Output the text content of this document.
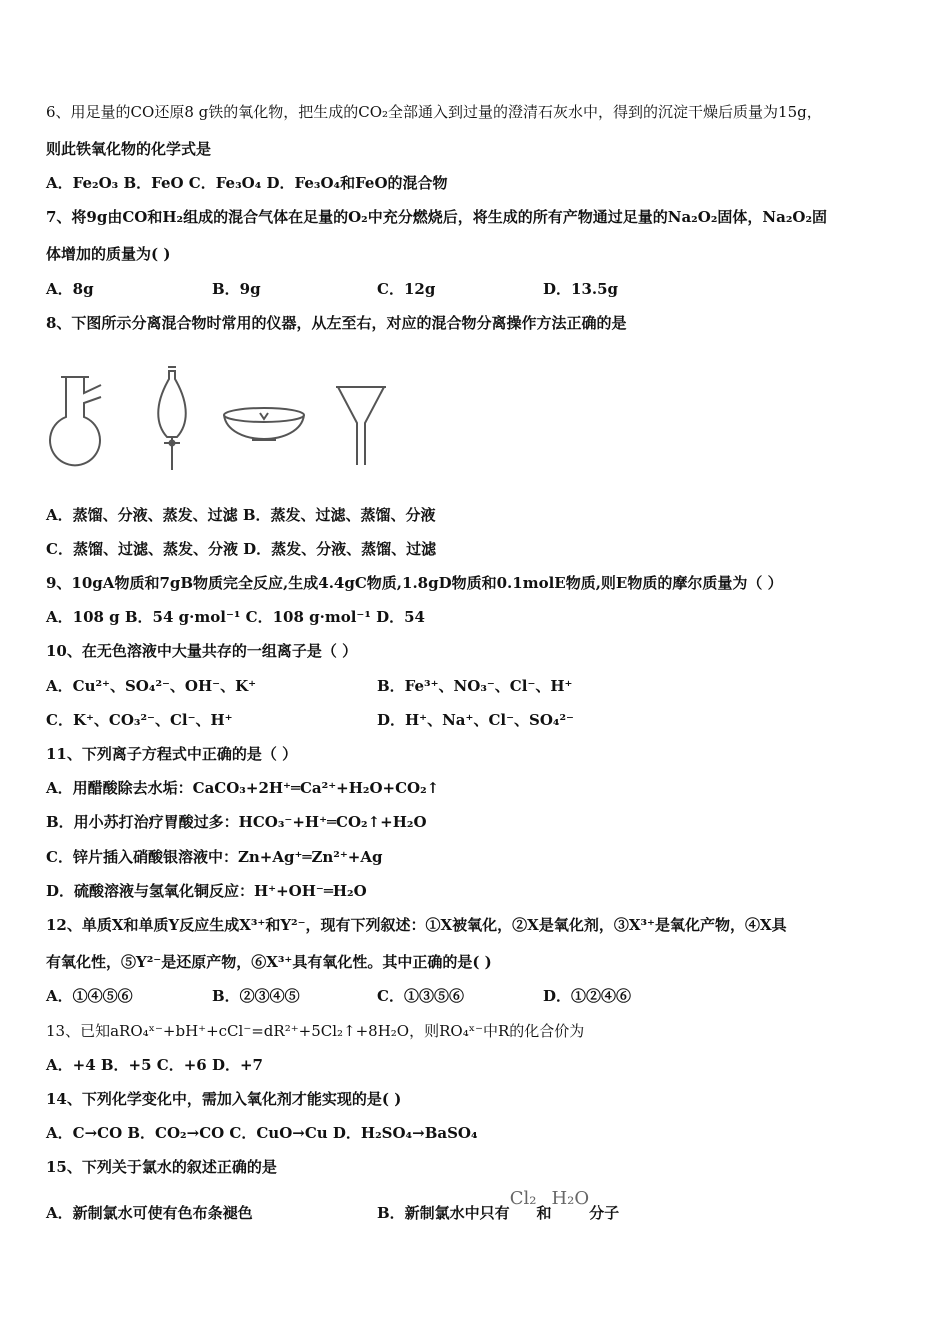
6、用足量的CO还原8 g铁的氧化物，把生成的CO₂全部通入到过量的澄清石灰水中，得到的沉淀干燥后质量为15g，
则此铁氧化物的化学式是
A．Fe₂O₃ B．FeO C．Fe₃O₄ D．Fe₃O₄和FeO的混合物
7、将9g由CO和H₂组成的混合气体在足量的O₂中充分燃烧后，将生成的所有产物通过足量的Na₂O₂固体，Na₂O₂固
体增加的质量为( )
A．8g	B．9g	C．12g	D．13.5g
8、下图所示分离混合物时常用的仪器，从左至右，对应的混合物分离操作方法正确的是
A．蒸馏、分液、蒸发、过滤 B．蒸发、过滤、蒸馏、分液
C．蒸馏、过滤、蒸发、分液 D．蒸发、分液、蒸馏、过滤
9、10gA物质和7gB物质完全反应,生成4.4gC物质,1.8gD物质和0.1molE物质,则E物质的摩尔质量为（ ）
A．108 g B．54 g·mol⁻¹ C．108 g·mol⁻¹ D．54
10、在无色溶液中大量共存的一组离子是（ ）
A．Cu²⁺、SO₄²⁻、OH⁻、K⁺	B．Fe³⁺、NO₃⁻、Cl⁻、H⁺
C．K⁺、CO₃²⁻、Cl⁻、H⁺	D．H⁺、Na⁺、Cl⁻、SO₄²⁻
11、下列离子方程式中正确的是（ ）
A．用醋酸除去水垢：CaCO₃+2H⁺═Ca²⁺+H₂O+CO₂↑
B．用小苏打治疗胃酸过多：HCO₃⁻+H⁺═CO₂↑+H₂O
C．锌片插入硝酸银溶液中：Zn+Ag⁺═Zn²⁺+Ag
D．硫酸溶液与氢氧化铜反应：H⁺+OH⁻═H₂O
12、单质X和单质Y反应生成X³⁺和Y²⁻，现有下列叙述：①X被氧化，②X是氧化剂，③X³⁺是氧化产物，④X具
有氧化性，⑤Y²⁻是还原产物，⑥X³⁺具有氧化性。其中正确的是( )
A．①④⑤⑥	B．②③④⑤	C．①③⑤⑥	D．①②④⑥
13、已知aRO₄ˣ⁻+bH⁺+cCl⁻=dR²⁺+5Cl₂↑+8H₂O，则RO₄ˣ⁻中R的化合价为
A．+4 B．+5 C．+6 D．+7
14、下列化学变化中，需加入氧化剂才能实现的是( )
A．C→CO B．CO₂→CO C．CuO→Cu D．H₂SO₄→BaSO₄
15、下列关于氯水的叙述正确的是
A．新制氯水可使有色布条褪色	B．新制氯水中只有Cl₂和H₂O分子
